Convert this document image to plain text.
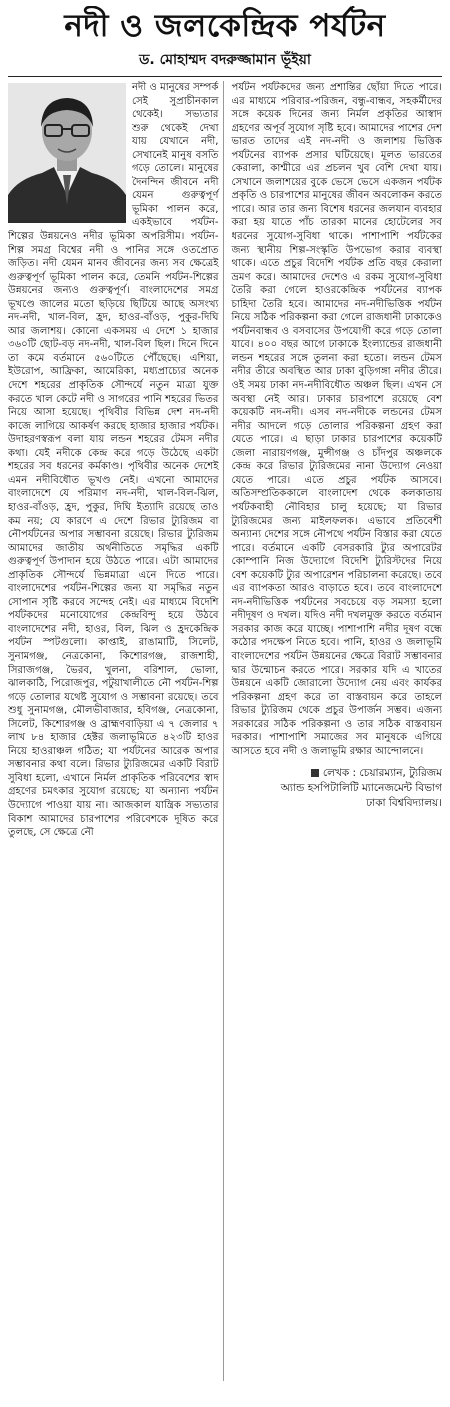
নদী ও জলকেন্দ্রিক পর্যটন
ড. মোহাম্মদ বদরুজ্জামান ভূঁইয়া

নদী ও মানুষের সম্পর্ক সেই সুপ্রাচীনকাল থেকেই। সভ্যতার শুরু থেকেই দেখা যায় যেখানে নদী, সেখানেই মানুষ বসতি গড়ে তোলে। মানুষের দৈনন্দিন জীবনে নদী যেমন গুরুত্বপূর্ণ ভূমিকা পালন করে, একইভাবে পর্যটন-শিল্পের উন্নয়নেও নদীর ভূমিকা অপরিসীম। পর্যটন-শিল্প সমগ্র বিশ্বের নদী ও পানির সঙ্গে ওতপ্রোত জড়িত। নদী যেমন মানব জীবনের জন্য সব ক্ষেত্রেই গুরুত্বপূর্ণ ভূমিকা পালন করে, তেমনি পর্যটন-শিল্পের উন্নয়নের জন্যও গুরুত্বপূর্ণ। বাংলাদেশের সমগ্র ভূখণ্ডে জালের মতো ছড়িয়ে ছিটিয়ে আছে অসংখ্য নদ-নদী, খাল-বিল, হ্রদ, হাওর-বাঁওড়, পুকুর-দিঘি আর জলাশয়। কোনো একসময় এ দেশে ১ হাজার ৩৬০টি ছোট-বড় নদ-নদী, খাল-বিল ছিল। দিনে দিনে তা কমে বর্তমানে ৫৬০টিতে পৌঁছেছে। এশিয়া, ইউরোপ, আফ্রিকা, আমেরিকা, মধ্যপ্রাচ্যের অনেক দেশে শহরের প্রাকৃতিক সৌন্দর্যে নতুন মাত্রা যুক্ত করতে খাল কেটে নদী ও সাগরের পানি শহরের ভিতর নিয়ে আসা হয়েছে। পৃথিবীর বিভিন্ন দেশ নদ-নদী কাজে লাগিয়ে আকর্ষণ করছে হাজার হাজার পর্যটক। উদাহরণস্বরূপ বলা যায় লন্ডন শহরের টেমস নদীর কথা। যেই নদীকে কেন্দ্র করে গড়ে উঠেছে একটা শহরের সব ধরনের কর্মকাণ্ড। পৃথিবীর অনেক দেশেই এমন নদীবিধৌত ভূখণ্ড নেই। এখনো আমাদের বাংলাদেশে যে পরিমাণ নদ-নদী, খাল-বিল-ঝিল, হাওর-বাঁওড়, হ্রদ, পুকুর, দিঘি ইত্যাদি রয়েছে তাও কম নয়; যে কারণে এ দেশে রিভার ট্যুরিজম বা নৌপর্যটনের অপার সম্ভাবনা রয়েছে। রিভার ট্যুরিজম আমাদের জাতীয় অর্থনীতিতে সমৃদ্ধির একটি গুরুত্বপূর্ণ উপাদান হয়ে উঠতে পারে। এটা আমাদের প্রাকৃতিক সৌন্দর্যে ভিন্নমাত্রা এনে দিতে পারে। বাংলাদেশের পর্যটন-শিল্পের জন্য যা সমৃদ্ধির নতুন সোপান সৃষ্টি করবে সন্দেহ নেই। এর মাধ্যমে বিদেশি পর্যটকদের মনোযোগের কেন্দ্রবিন্দু হয়ে উঠবে বাংলাদেশের নদী, হাওর, বিল, ঝিল ও হ্রদকেন্দ্রিক পর্যটন স্পটগুলো। কাপ্তাই, রাঙামাটি, সিলেট, সুনামগঞ্জ, নেত্রকোনা, কিশোরগঞ্জ, রাজশাহী, সিরাজগঞ্জ, ভৈরব, খুলনা, বরিশাল, ভোলা, ঝালকাঠি, পিরোজপুর, পটুয়াখালীতে নৌ পর্যটন-শিল্প গড়ে তোলার যথেষ্ট সুযোগ ও সম্ভাবনা রয়েছে। তবে শুধু সুনামগঞ্জ, মৌলভীবাজার, হবিগঞ্জ, নেত্রকোনা, সিলেট, কিশোরগঞ্জ ও ব্রাহ্মণবাড়িয়া এ ৭ জেলার ৭ লাখ ৮৪ হাজার হেক্টর জলাভূমিতে ৪২৩টি হাওর নিয়ে হাওরাঞ্চল গঠিত; যা পর্যটনের আরেক অপার সম্ভাবনার কথা বলে। রিভার ট্যুরিজমের একটি বিরাট সুবিধা হলো, এখানে নির্মল প্রাকৃতিক পরিবেশের স্বাদ গ্রহণের চমৎকার সুযোগ রয়েছে; যা অন্যান্য পর্যটন উদ্যোগে পাওয়া যায় না। আজকাল যান্ত্রিক সভ্যতার বিকাশ আমাদের চারপাশের পরিবেশকে দূষিত করে তুলছে, সে ক্ষেত্রে নৌ

পর্যটন পর্যটকদের জন্য প্রশান্তির ছোঁয়া দিতে পারে। এর মাধ্যমে পরিবার-পরিজন, বন্ধু-বান্ধব, সহকর্মীদের সঙ্গে কয়েক দিনের জন্য নির্মল প্রকৃতির আস্বাদ গ্রহণের অপূর্ব সুযোগ সৃষ্টি হবে। আমাদের পাশের দেশ ভারত তাদের এই নদ-নদী ও জলাশয় ভিত্তিক পর্যটনের ব্যাপক প্রসার ঘটিয়েছে। মূলত ভারতের কেরালা, কাশ্মীরে এর প্রচলন খুব বেশি দেখা যায়। সেখানে জলাশয়ের বুকে ভেসে ভেসে একজন পর্যটক প্রকৃতি ও চারপাশের মানুষের জীবন অবলোকন করতে পারে। আর তার জন্য বিশেষ ধরনের জলযান ব্যবহার করা হয় যাতে পাঁচ তারকা মানের হোটেলের সব ধরনের সুযোগ-সুবিধা থাকে। পাশাপাশি পর্যটকের জন্য স্থানীয় শিল্প-সংস্কৃতি উপভোগ করার ব্যবস্থা থাকে। এতে প্রচুর বিদেশি পর্যটক প্রতি বছর কেরালা ভ্রমণ করে। আমাদের দেশেও এ রকম সুযোগ-সুবিধা তৈরি করা গেলে হাওরকেন্দ্রিক পর্যটনের ব্যাপক চাহিদা তৈরি হবে। আমাদের নদ-নদীভিত্তিক পর্যটন নিয়ে সঠিক পরিকল্পনা করা গেলে রাজধানী ঢাকাকেও পর্যটনবান্ধব ও বসবাসের উপযোগী করে গড়ে তোলা যাবে। ৪০০ বছর আগে ঢাকাকে ইংল্যান্ডের রাজধানী লন্ডন শহরের সঙ্গে তুলনা করা হতো। লন্ডন টেমস নদীর তীরে অবস্থিত আর ঢাকা বুড়িগঙ্গা নদীর তীরে। ওই সময় ঢাকা নদ-নদীবিধৌত অঞ্চল ছিল। এখন সে অবস্থা নেই আর। ঢাকার চারপাশে রয়েছে বেশ কয়েকটি নদ-নদী। এসব নদ-নদীকে লন্ডনের টেমস নদীর আদলে গড়ে তোলার পরিকল্পনা গ্রহণ করা যেতে পারে। এ ছাড়া ঢাকার চারপাশের কয়েকটি জেলা নারায়ণগঞ্জ, মুন্সীগঞ্জ ও চাঁদপুর অঞ্চলকে কেন্দ্র করে রিভার ট্যুরিজমের নানা উদ্যোগ নেওয়া যেতে পারে। এতে প্রচুর পর্যটক আসবে। অতিসম্প্রতিককালে বাংলাদেশ থেকে কলকাতায় পর্যটকবাহী নৌবিহার চালু হয়েছে; যা রিভার ট্যুরিজমের জন্য মাইলফলক। এভাবে প্রতিবেশী অন্যান্য দেশের সঙ্গে নৌপথে পর্যটন বিস্তার করা যেতে পারে। বর্তমানে একটি বেসরকারি ট্যুর অপারেটর কোম্পানি নিজ উদ্যোগে বিদেশি ট্যুরিস্টদের নিয়ে বেশ কয়েকটি ট্যুর অপারেশন পরিচালনা করেছে। তবে এর ব্যাপকতা আরও বাড়াতে হবে। তবে বাংলাদেশে নদ-নদীভিত্তিক পর্যটনের সবচেয়ে বড় সমস্যা হলো নদীদূষণ ও দখল। যদিও নদী দখলমুক্ত করতে বর্তমান সরকার কাজ করে যাচ্ছে। পাশাপাশি নদীর দূষণ বন্ধে কঠোর পদক্ষেপ নিতে হবে। পানি, হাওর ও জলাভূমি বাংলাদেশের পর্যটন উন্নয়নের ক্ষেত্রে বিরাট সম্ভাবনার দ্বার উন্মোচন করতে পারে। সরকার যদি এ খাতের উন্নয়নে একটি জোরালো উদ্যোগ নেয় এবং কার্যকর পরিকল্পনা গ্রহণ করে তা বাস্তবায়ন করে তাহলে রিভার ট্যুরিজম থেকে প্রচুর উপার্জন সম্ভব। এজন্য সরকারের সঠিক পরিকল্পনা ও তার সঠিক বাস্তবায়ন দরকার। পাশাপাশি সমাজের সব মানুষকে এগিয়ে আসতে হবে নদী ও জলাভূমি রক্ষার আন্দোলনে।

লেখক : চেয়ারম্যান, ট্যুরিজম
অ্যান্ড হসপিটালিটি ম্যানেজমেন্ট বিভাগ
ঢাকা বিশ্ববিদ্যালয়।
